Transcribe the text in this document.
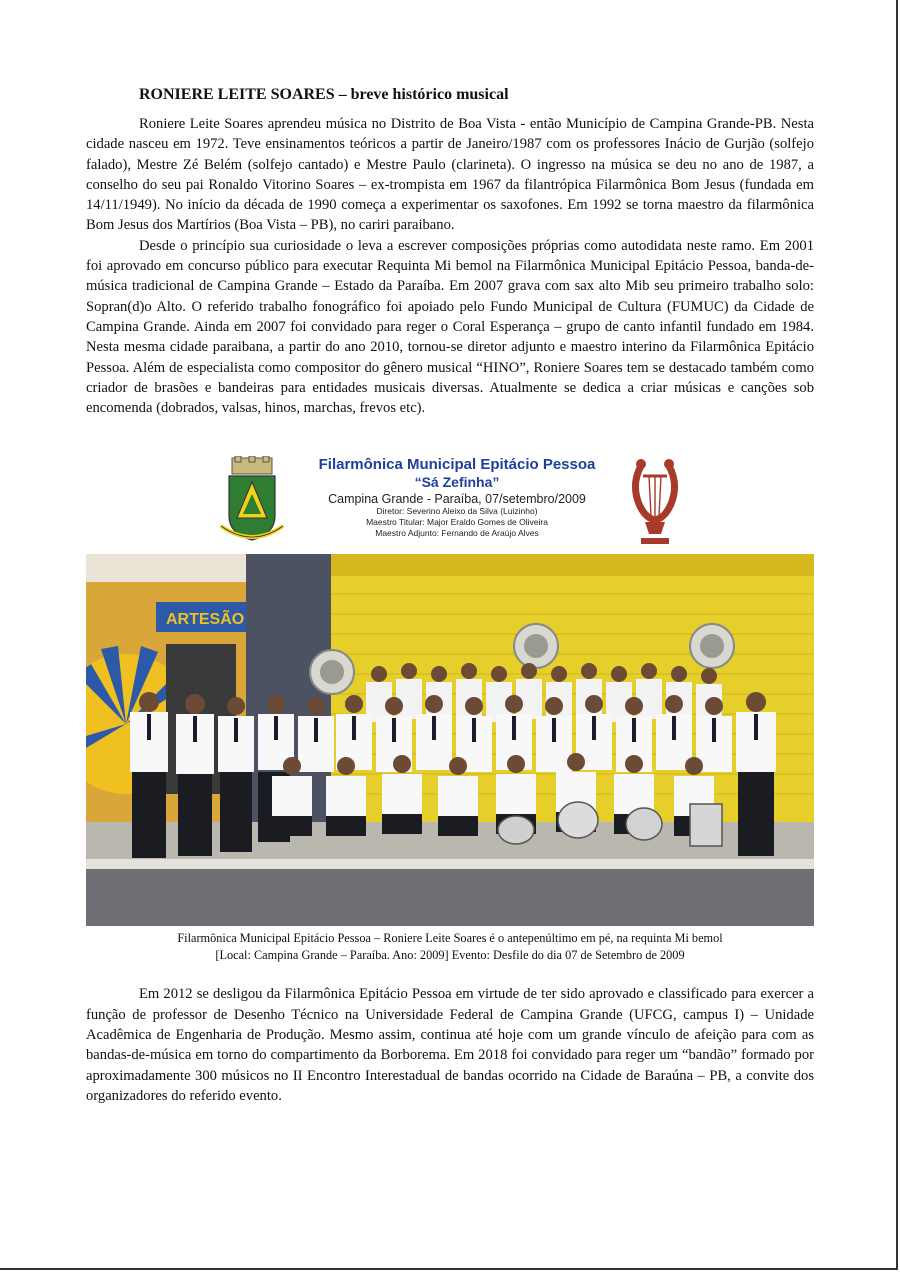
RONIERE LEITE SOARES – breve histórico musical

Roniere Leite Soares aprendeu música no Distrito de Boa Vista - então Município de Campina Grande-PB. Nesta cidade nasceu em 1972. Teve ensinamentos teóricos a partir de Janeiro/1987 com os professores Inácio de Gurjão (solfejo falado), Mestre Zé Belém (solfejo cantado) e Mestre Paulo (clarineta). O ingresso na música se deu no ano de 1987, a conselho do seu pai Ronaldo Vitorino Soares – ex-trompista em 1967 da filantrópica Filarmônica Bom Jesus (fundada em 14/11/1949). No início da década de 1990 começa a experimentar os saxofones. Em 1992 se torna maestro da filarmônica Bom Jesus dos Martírios (Boa Vista – PB), no cariri paraibano.

Desde o princípio sua curiosidade o leva a escrever composições próprias como autodidata neste ramo. Em 2001 foi aprovado em concurso público para executar Requinta Mi bemol na Filarmônica Municipal Epitácio Pessoa, banda-de-música tradicional de Campina Grande – Estado da Paraíba. Em 2007 grava com sax alto Mib seu primeiro trabalho solo: Sopran(d)o Alto. O referido trabalho fonográfico foi apoiado pelo Fundo Municipal de Cultura (FUMUC) da Cidade de Campina Grande. Ainda em 2007 foi convidado para reger o Coral Esperança – grupo de canto infantil fundado em 1984. Nesta mesma cidade paraibana, a partir do ano 2010, tornou-se diretor adjunto e maestro interino da Filarmônica Epitácio Pessoa. Além de especialista como compositor do gênero musical “HINO”, Roniere Soares tem se destacado também como criador de brasões e bandeiras para entidades musicais diversas. Atualmente se dedica a criar músicas e canções sob encomenda (dobrados, valsas, hinos, marchas, frevos etc).

Filarmônica Municipal Epitácio Pessoa
“Sá Zefinha”
Campina Grande - Paraíba, 07/setembro/2009
Diretor: Severino Aleixo da Silva (Luizinho)
Maestro Titular: Major Eraldo Gomes de Oliveira
Maestro Adjunto: Fernando de Araújo Alves
ARTESÃO
Filarmônica Municipal Epitácio Pessoa – Roniere Leite Soares é o antepenúltimo em pé, na requinta Mi bemol
[Local: Campina Grande – Paraíba. Ano: 2009] Evento: Desfile do dia 07 de Setembro de 2009

Em 2012 se desligou da Filarmônica Epitácio Pessoa em virtude de ter sido aprovado e classificado para exercer a função de professor de Desenho Técnico na Universidade Federal de Campina Grande (UFCG, campus I) – Unidade Acadêmica de Engenharia de Produção. Mesmo assim, continua até hoje com um grande vínculo de afeição para com as bandas-de-música em torno do compartimento da Borborema. Em 2018 foi convidado para reger um “bandão” formado por aproximadamente 300 músicos no II Encontro Interestadual de bandas ocorrido na Cidade de Baraúna – PB, a convite dos organizadores do referido evento.
